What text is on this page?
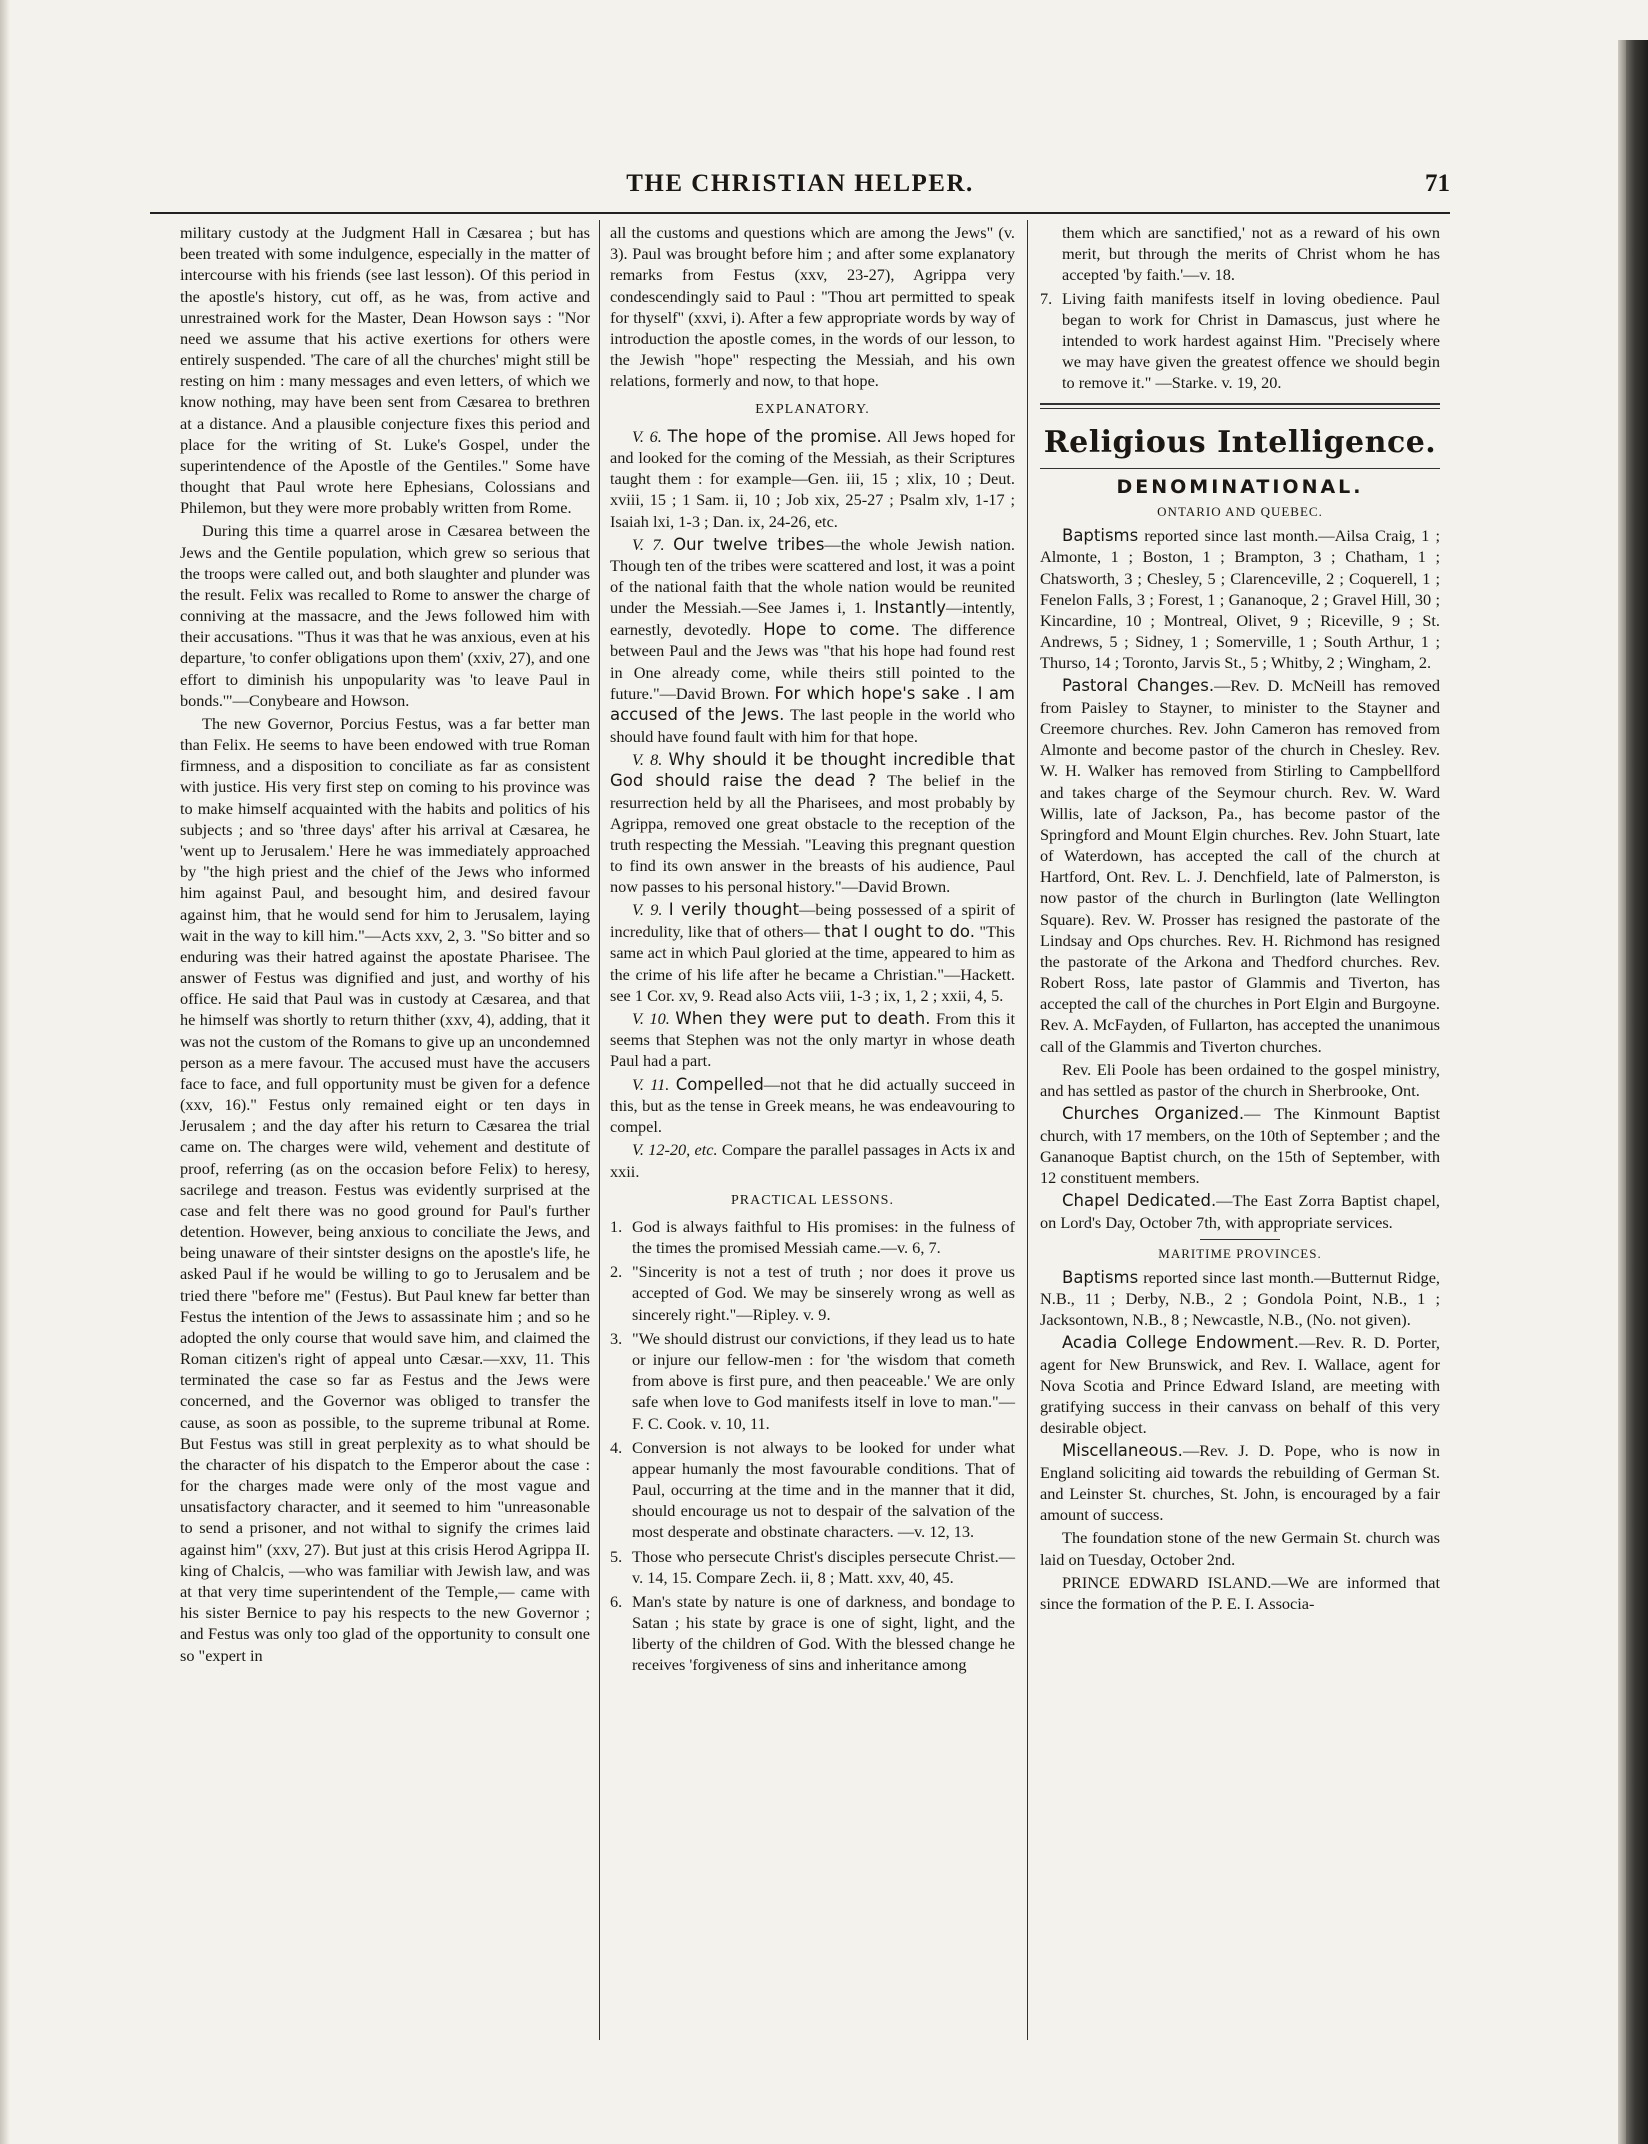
THE CHRISTIAN HELPER.	71

military custody at the Judgment Hall in Cæsarea ; but has been treated with some indulgence, especially in the matter of intercourse with his friends (see last lesson). Of this period in the apostle's history, cut off, as he was, from active and unrestrained work for the Master, Dean Howson says : "Nor need we assume that his active exertions for others were entirely suspended. 'The care of all the churches' might still be resting on him : many messages and even letters, of which we know nothing, may have been sent from Cæsarea to brethren at a distance. And a plausible conjecture fixes this period and place for the writing of St. Luke's Gospel, under the superintendence of the Apostle of the Gentiles." Some have thought that Paul wrote here Ephesians, Colossians and Philemon, but they were more probably written from Rome.

During this time a quarrel arose in Cæsarea between the Jews and the Gentile population, which grew so serious that the troops were called out, and both slaughter and plunder was the result. Felix was recalled to Rome to answer the charge of conniving at the massacre, and the Jews followed him with their accusations. "Thus it was that he was anxious, even at his departure, 'to confer obligations upon them' (xxiv, 27), and one effort to diminish his unpopularity was 'to leave Paul in bonds.'"—Conybeare and Howson.

The new Governor, Porcius Festus, was a far better man than Felix. He seems to have been endowed with true Roman firmness, and a disposition to conciliate as far as consistent with justice. His very first step on coming to his province was to make himself acquainted with the habits and politics of his subjects ; and so 'three days' after his arrival at Cæsarea, he 'went up to Jerusalem.' Here he was immediately approached by "the high priest and the chief of the Jews who informed him against Paul, and besought him, and desired favour against him, that he would send for him to Jerusalem, laying wait in the way to kill him."—Acts xxv, 2, 3. "So bitter and so enduring was their hatred against the apostate Pharisee. The answer of Festus was dignified and just, and worthy of his office. He said that Paul was in custody at Cæsarea, and that he himself was shortly to return thither (xxv, 4), adding, that it was not the custom of the Romans to give up an uncondemned person as a mere favour. The accused must have the accusers face to face, and full opportunity must be given for a defence (xxv, 16)." Festus only remained eight or ten days in Jerusalem ; and the day after his return to Cæsarea the trial came on. The charges were wild, vehement and destitute of proof, referring (as on the occasion before Felix) to heresy, sacrilege and treason. Festus was evidently surprised at the case and felt there was no good ground for Paul's further detention. However, being anxious to conciliate the Jews, and being unaware of their sintster designs on the apostle's life, he asked Paul if he would be willing to go to Jerusalem and be tried there "before me" (Festus). But Paul knew far better than Festus the intention of the Jews to assassinate him ; and so he adopted the only course that would save him, and claimed the Roman citizen's right of appeal unto Cæsar.—xxv, 11. This terminated the case so far as Festus and the Jews were concerned, and the Governor was obliged to transfer the cause, as soon as possible, to the supreme tribunal at Rome. But Festus was still in great perplexity as to what should be the character of his dispatch to the Emperor about the case : for the charges made were only of the most vague and unsatisfactory character, and it seemed to him "unreasonable to send a prisoner, and not withal to signify the crimes laid against him" (xxv, 27). But just at this crisis Herod Agrippa II. king of Chalcis, —who was familiar with Jewish law, and was at that very time superintendent of the Temple,— came with his sister Bernice to pay his respects to the new Governor ; and Festus was only too glad of the opportunity to consult one so "expert in

all the customs and questions which are among the Jews" (v. 3). Paul was brought before him ; and after some explanatory remarks from Festus (xxv, 23-27), Agrippa very condescendingly said to Paul : "Thou art permitted to speak for thyself" (xxvi, i). After a few appropriate words by way of introduction the apostle comes, in the words of our lesson, to the Jewish "hope" respecting the Messiah, and his own relations, formerly and now, to that hope.

EXPLANATORY.

V. 6. The hope of the promise. All Jews hoped for and looked for the coming of the Messiah, as their Scriptures taught them : for example—Gen. iii, 15 ; xlix, 10 ; Deut. xviii, 15 ; 1 Sam. ii, 10 ; Job xix, 25-27 ; Psalm xlv, 1-17 ; Isaiah lxi, 1-3 ; Dan. ix, 24-26, etc.

V. 7. Our twelve tribes—the whole Jewish nation. Though ten of the tribes were scattered and lost, it was a point of the national faith that the whole nation would be reunited under the Messiah.—See James i, 1. Instantly—intently, earnestly, devotedly. Hope to come. The difference between Paul and the Jews was "that his hope had found rest in One already come, while theirs still pointed to the future."—David Brown. For which hope's sake . I am accused of the Jews. The last people in the world who should have found fault with him for that hope.

V. 8. Why should it be thought incredible that God should raise the dead ? The belief in the resurrection held by all the Pharisees, and most probably by Agrippa, removed one great obstacle to the reception of the truth respecting the Messiah. "Leaving this pregnant question to find its own answer in the breasts of his audience, Paul now passes to his personal history."—David Brown.

V. 9. I verily thought—being possessed of a spirit of incredulity, like that of others— that I ought to do. "This same act in which Paul gloried at the time, appeared to him as the crime of his life after he became a Christian."—Hackett. see 1 Cor. xv, 9. Read also Acts viii, 1-3 ; ix, 1, 2 ; xxii, 4, 5.

V. 10. When they were put to death. From this it seems that Stephen was not the only martyr in whose death Paul had a part.

V. 11. Compelled—not that he did actually succeed in this, but as the tense in Greek means, he was endeavouring to compel.

V. 12-20, etc. Compare the parallel passages in Acts ix and xxii.

PRACTICAL LESSONS.
1. God is always faithful to His promises: in the fulness of the times the promised Messiah came.—v. 6, 7.
2. "Sincerity is not a test of truth ; nor does it prove us accepted of God. We may be sinserely wrong as well as sincerely right."—Ripley. v. 9.
3. "We should distrust our convictions, if they lead us to hate or injure our fellow-men : for 'the wisdom that cometh from above is first pure, and then peaceable.' We are only safe when love to God manifests itself in love to man."—F. C. Cook. v. 10, 11.
4. Conversion is not always to be looked for under what appear humanly the most favourable conditions. That of Paul, occurring at the time and in the manner that it did, should encourage us not to despair of the salvation of the most desperate and obstinate characters. —v. 12, 13.
5. Those who persecute Christ's disciples persecute Christ.—v. 14, 15. Compare Zech. ii, 8 ; Matt. xxv, 40, 45.
6. Man's state by nature is one of darkness, and bondage to Satan ; his state by grace is one of sight, light, and the liberty of the children of God. With the blessed change he receives 'forgiveness of sins and inheritance among

them which are sanctified,' not as a reward of his own merit, but through the merits of Christ whom he has accepted 'by faith.'—v. 18.

7. Living faith manifests itself in loving obedience. Paul began to work for Christ in Damascus, just where he intended to work hardest against Him. "Precisely where we may have given the greatest offence we should begin to remove it." —Starke. v. 19, 20.
Religious Intelligence.
DENOMINATIONAL.
ONTARIO AND QUEBEC.

Baptisms reported since last month.—Ailsa Craig, 1 ; Almonte, 1 ; Boston, 1 ; Brampton, 3 ; Chatham, 1 ; Chatsworth, 3 ; Chesley, 5 ; Clarenceville, 2 ; Coquerell, 1 ; Fenelon Falls, 3 ; Forest, 1 ; Gananoque, 2 ; Gravel Hill, 30 ; Kincardine, 10 ; Montreal, Olivet, 9 ; Riceville, 9 ; St. Andrews, 5 ; Sidney, 1 ; Somerville, 1 ; South Arthur, 1 ; Thurso, 14 ; Toronto, Jarvis St., 5 ; Whitby, 2 ; Wingham, 2.

Pastoral Changes.—Rev. D. McNeill has removed from Paisley to Stayner, to minister to the Stayner and Creemore churches. Rev. John Cameron has removed from Almonte and become pastor of the church in Chesley. Rev. W. H. Walker has removed from Stirling to Campbellford and takes charge of the Seymour church. Rev. W. Ward Willis, late of Jackson, Pa., has become pastor of the Springford and Mount Elgin churches. Rev. John Stuart, late of Waterdown, has accepted the call of the church at Hartford, Ont. Rev. L. J. Denchfield, late of Palmerston, is now pastor of the church in Burlington (late Wellington Square). Rev. W. Prosser has resigned the pastorate of the Lindsay and Ops churches. Rev. H. Richmond has resigned the pastorate of the Arkona and Thedford churches. Rev. Robert Ross, late pastor of Glammis and Tiverton, has accepted the call of the churches in Port Elgin and Burgoyne. Rev. A. McFayden, of Fullarton, has accepted the unanimous call of the Glammis and Tiverton churches.

Rev. Eli Poole has been ordained to the gospel ministry, and has settled as pastor of the church in Sherbrooke, Ont.

Churches Organized.— The Kinmount Baptist church, with 17 members, on the 10th of September ; and the Gananoque Baptist church, on the 15th of September, with 12 constituent members.

Chapel Dedicated.—The East Zorra Baptist chapel, on Lord's Day, October 7th, with appropriate services.

MARITIME PROVINCES.

Baptisms reported since last month.—Butternut Ridge, N.B., 11 ; Derby, N.B., 2 ; Gondola Point, N.B., 1 ; Jacksontown, N.B., 8 ; Newcastle, N.B., (No. not given).

Acadia College Endowment.—Rev. R. D. Porter, agent for New Brunswick, and Rev. I. Wallace, agent for Nova Scotia and Prince Edward Island, are meeting with gratifying success in their canvass on behalf of this very desirable object.

Miscellaneous.—Rev. J. D. Pope, who is now in England soliciting aid towards the rebuilding of German St. and Leinster St. churches, St. John, is encouraged by a fair amount of success.

The foundation stone of the new Germain St. church was laid on Tuesday, October 2nd.

PRINCE EDWARD ISLAND.—We are informed that since the formation of the P. E. I. Associa-
